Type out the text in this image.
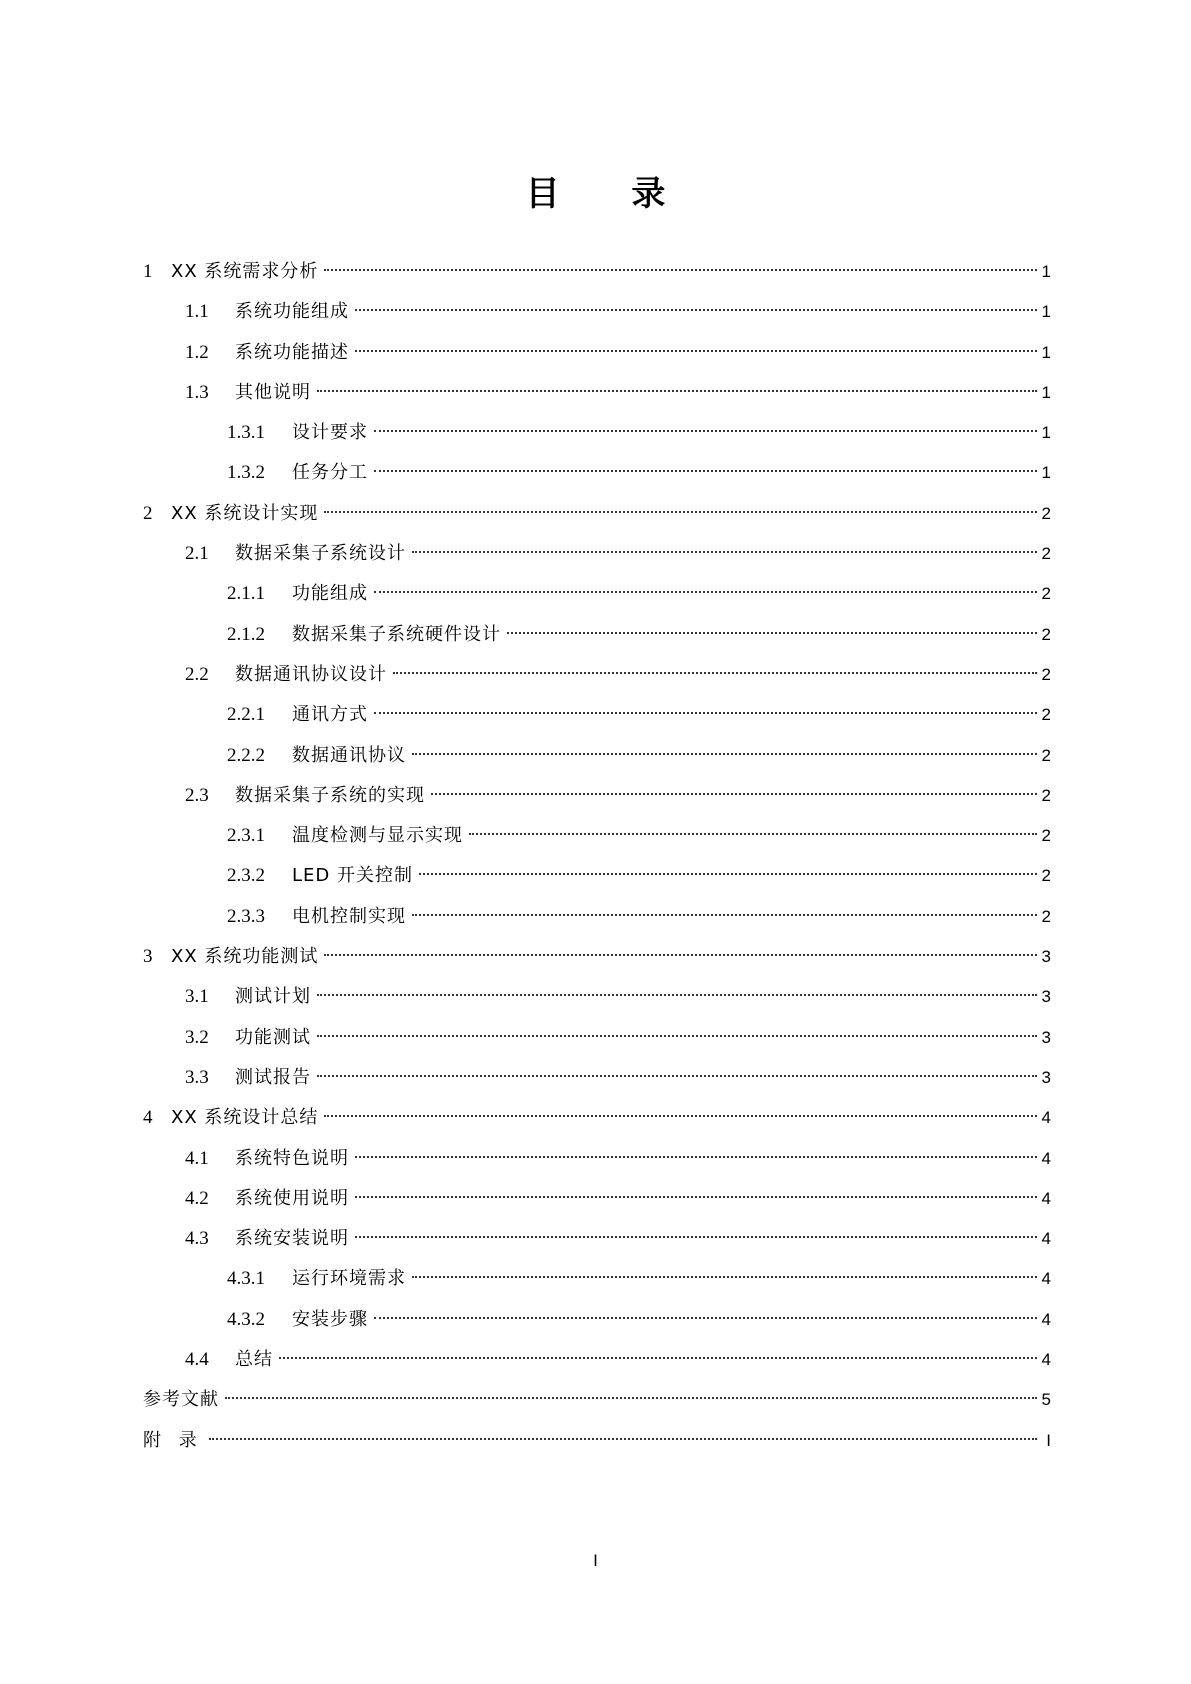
目 录
1	XX 系统需求分析	1
1.1	系统功能组成	1
1.2	系统功能描述	1
1.3	其他说明	1
1.3.1	设计要求	1
1.3.2	任务分工	1
2	XX 系统设计实现	2
2.1	数据采集子系统设计	2
2.1.1	功能组成	2
2.1.2	数据采集子系统硬件设计	2
2.2	数据通讯协议设计	2
2.2.1	通讯方式	2
2.2.2	数据通讯协议	2
2.3	数据采集子系统的实现	2
2.3.1	温度检测与显示实现	2
2.3.2	LED 开关控制	2
2.3.3	电机控制实现	2
3	XX 系统功能测试	3
3.1	测试计划	3
3.2	功能测试	3
3.3	测试报告	3
4	XX 系统设计总结	4
4.1	系统特色说明	4
4.2	系统使用说明	4
4.3	系统安装说明	4
4.3.1	运行环境需求	4
4.3.2	安装步骤	4
4.4	总结	4
参考文献	5
附 录	I
I
